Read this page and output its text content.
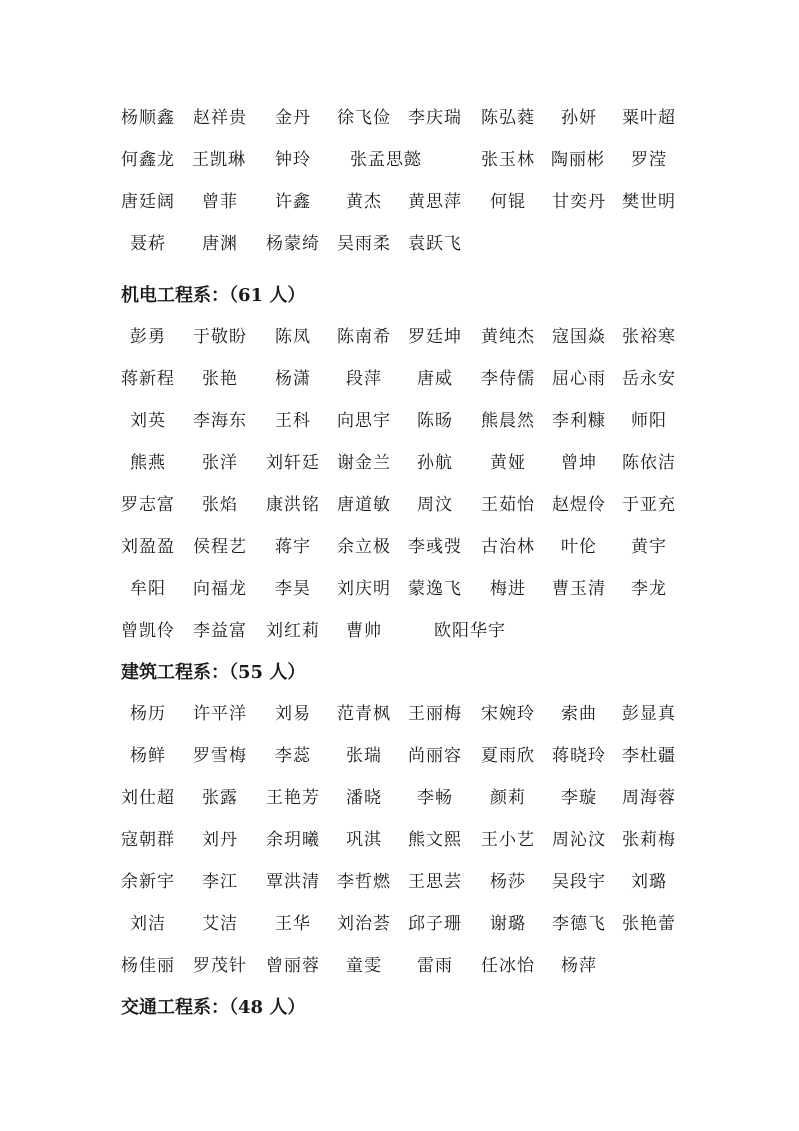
杨顺鑫 赵祥贵 金丹 徐飞俭 李庆瑞 陈弘蕤 孙妍 粟叶超
何鑫龙 王凯琳 钟玲 张孟思懿	张玉林 陶丽彬 罗滢
唐廷阔 曾菲 许鑫 黄杰 黄思萍 何锟 甘奕丹 樊世明
聂菥 唐渊 杨蒙绮 吴雨柔 袁跃飞
机电工程系：（61 人）
彭勇 于敬盼 陈凤 陈南希 罗廷坤 黄纯杰 寇国焱 张裕寒
蒋新程 张艳 杨潇 段萍 唐威 李侍儒 屈心雨 岳永安
刘英 李海东 王科 向思宇 陈旸 熊晨然 李利糠 师阳
熊燕 张洋 刘轩廷 谢金兰 孙航 黄娅 曾坤 陈依洁
罗志富 张焰 康洪铭 唐道敏 周汶 王茹怡 赵煜伶 于亚充
刘盈盈 侯程艺 蒋宇 余立极 李彧弢 古治林 叶伦 黄宇
牟阳 向福龙 李昊 刘庆明 蒙逸飞 梅进 曹玉清 李龙
曾凯伶 李益富 刘红莉 曹帅	欧阳华宇
建筑工程系：（55 人）
杨历 许平洋 刘易 范青枫 王丽梅 宋婉玲 索曲 彭显真
杨鲜 罗雪梅 李蕊 张瑞 尚丽容 夏雨欣 蒋晓玲 李杜疆
刘仕超 张露 王艳芳 潘晓 李畅 颜莉 李璇 周海蓉
寇朝群 刘丹 余玥曦 巩淇 熊文熙 王小艺 周沁汶 张莉梅
余新宇 李江 覃洪清 李哲燃 王思芸 杨莎 吴段宇 刘璐
刘洁 艾洁 王华 刘治荟 邱子珊 谢璐 李德飞 张艳蕾
杨佳丽 罗茂针 曾丽蓉 童雯 雷雨 任冰怡 杨萍
交通工程系：（48 人）
